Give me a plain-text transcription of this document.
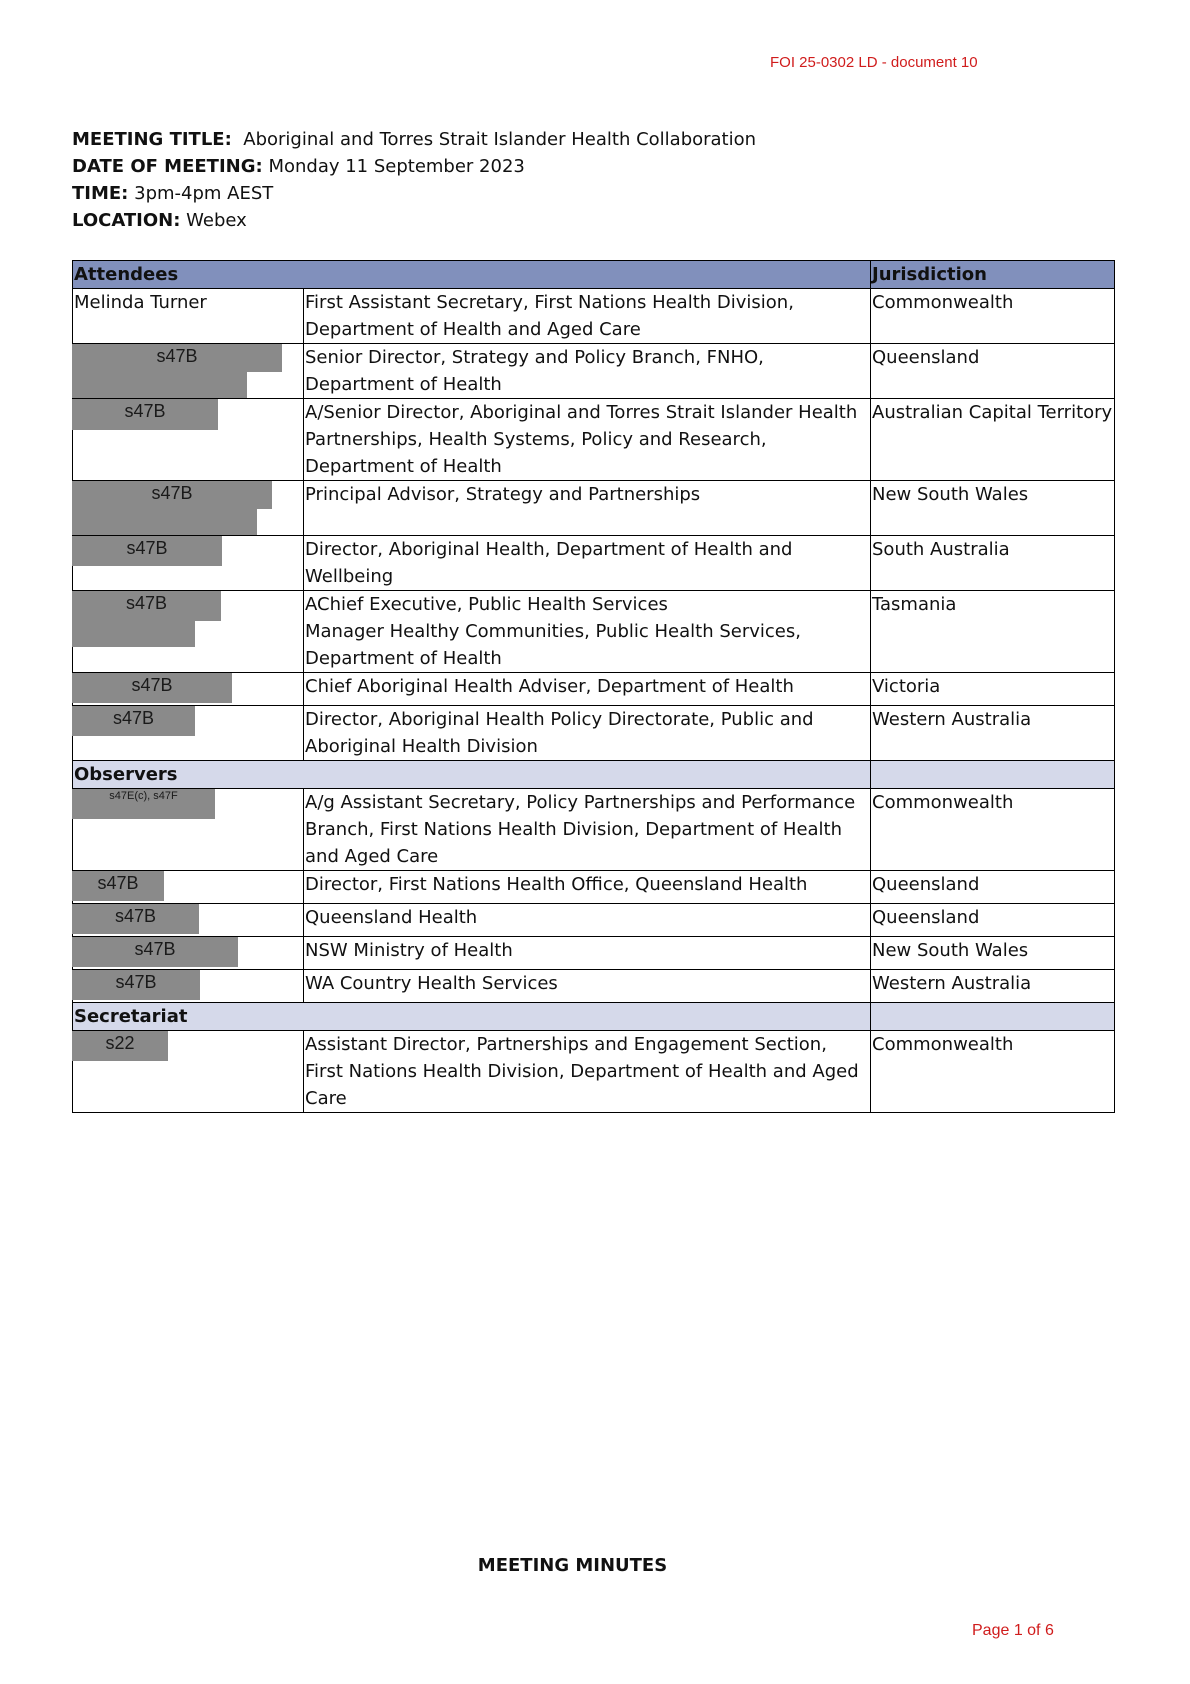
FOI 25-0302 LD - document 10
MEETING TITLE: Aboriginal and Torres Strait Islander Health Collaboration
DATE OF MEETING: Monday 11 September 2023
TIME: 3pm-4pm AEST
LOCATION: Webex
Attendees		Jurisdiction
Melinda Turner	First Assistant Secretary, First Nations Health Division, Department of Health and Aged Care	Commonwealth

s47B	Senior Director, Strategy and Policy Branch, FNHO, Department of Health	Queensland

s47B	A/Senior Director, Aboriginal and Torres Strait Islander Health Partnerships, Health Systems, Policy and Research, Department of Health	Australian Capital Territory

s47B	Principal Advisor, Strategy and Partnerships	New South Wales

s47B	Director, Aboriginal Health, Department of Health and Wellbeing	South Australia

s47B	AChief Executive, Public Health Services
Manager Healthy Communities, Public Health Services, Department of Health	Tasmania

s47B	Chief Aboriginal Health Adviser, Department of Health	Victoria

s47B	Director, Aboriginal Health Policy Directorate, Public and Aboriginal Health Division	Western Australia
Observers		

s47E(c), s47F	A/g Assistant Secretary, Policy Partnerships and Performance Branch, First Nations Health Division, Department of Health and Aged Care	Commonwealth

s47B	Director, First Nations Health Office, Queensland Health	Queensland

s47B	Queensland Health	Queensland

s47B	NSW Ministry of Health	New South Wales

s47B	WA Country Health Services	Western Australia
Secretariat		

s22	Assistant Director, Partnerships and Engagement Section, First Nations Health Division, Department of Health and Aged Care	Commonwealth
MEETING MINUTES
Page 1 of 6
